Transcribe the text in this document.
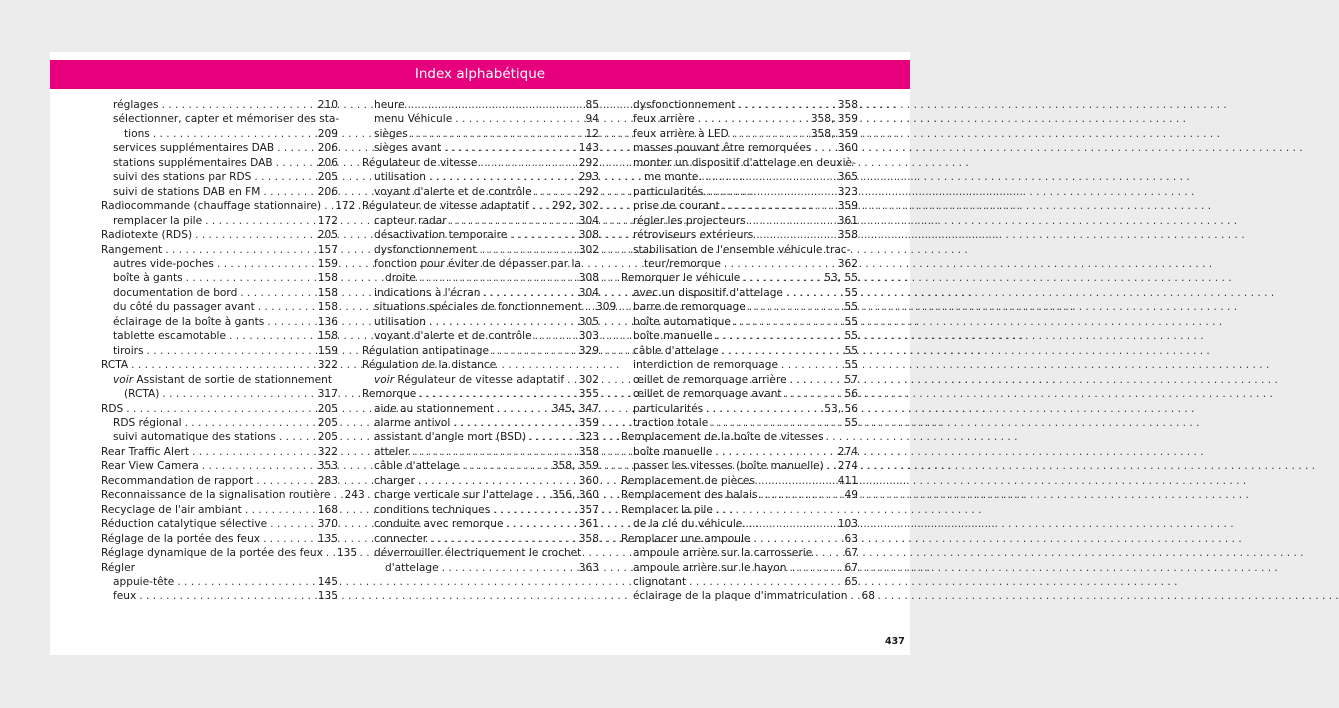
Index alphabétique
réglages . . .	210
sélectionner, capter et mémoriser des sta-
tions . . .	209
services supplémentaires DAB . . .	206
stations supplémentaires DAB . . .	206
suivi des stations par RDS . . .	205
suivi de stations DAB en FM . . .	206
Radiocommande (chauffage stationnaire) . . . 172
remplacer la pile . . .	172
Radiotexte (RDS) . . .	205
Rangement . . .	157
autres vide-poches . . .	159
boîte à gants . . .	158
documentation de bord . . .	158
du côté du passager avant . . .	158
éclairage de la boîte à gants . . .	136
tablette escamotable . . .	158
tiroirs . . .	159
RCTA . . .	322
voir Assistant de sortie de stationnement
(RCTA) . . .	317
RDS . . .	205
RDS régional . . .	205
suivi automatique des stations . . .	205
Rear Traffic Alert . . .	322
Rear View Camera . . .	353
Recommandation de rapport . . .	283
Reconnaissance de la signalisation routière . . . 243
Recyclage de l'air ambiant . . .	168
Réduction catalytique sélective . . .	370
Réglage de la portée des feux . . .	135
Réglage dynamique de la portée des feux . . . 135
Régler
appuie-tête . . .	145
feux . . .	135
heure . . .	85
menu Véhicule . . .	94
sièges . . .	12
sièges avant . . .	143
Régulateur de vitesse . . .	292
utilisation . . .	293
voyant d'alerte et de contrôle . . .	292
Régulateur de vitesse adaptatif . . . 292, 302
capteur radar . . .	304
désactivation temporaire . . .	308
dysfonctionnement . . .	302
fonction pour éviter de dépasser par la
droite . . .	308
indications à l'écran . . .	304
situations spéciales de fonctionnement . . . 309
utilisation . . .	305
voyant d'alerte et de contrôle . . .	303
Régulation antipatinage . . .	329
Régulation de la distance
voir Régulateur de vitesse adaptatif . . . 302
Remorque . . .	355
aide au stationnement . . .	345, 347
alarme antivol . . .	359
assistant d'angle mort (BSD) . . .	323
atteler . . .	358
câble d'attelage . . .	358, 359
charger . . .	360
charge verticale sur l'attelage . . . 356, 360
conditions techniques . . .	357
conduite avec remorque . . .	361
connecter . . .	358
déverrouiller électriquement le crochet
d'attelage . . .	363
dysfonctionnement . . .	358
feux arrière . . .	358, 359
feux arrière à LED . . .	358, 359
masses pouvant être remorquées . . . 360
monter un dispositif d'attelage en deuxiè-
me monte . . .	365
particularités . . .	323
prise de courant . . .	359
régler les projecteurs . . .	361
rétroviseurs extérieurs . . .	358
stabilisation de l'ensemble véhicule trac-
teur/remorque . . .	362
Remorquer le véhicule . . .	53, 55
avec un dispositif d'attelage . . .	55
barre de remorquage . . .	55
boîte automatique . . .	55
boîte manuelle . . .	55
câble d'attelage . . .	55
interdiction de remorquage . . .	55
œillet de remorquage arrière . . .	57
œillet de remorquage avant . . .	56
particularités . . .	53, 56
traction totale . . .	55
Remplacement de la boîte de vitesses
boîte manuelle . . .	274
passer les vitesses (boîte manuelle) . . . 274
Remplacement de pièces . . .	411
Remplacement des balais . . .	49
Remplacer la pile
de la clé du véhicule . . .	103
Remplacer une ampoule . . .	63
ampoule arrière sur la carrosserie . . .	67
ampoule arrière sur le hayon . . .	67
clignotant . . .	65
éclairage de la plaque d'immatriculation . . . 68
437
